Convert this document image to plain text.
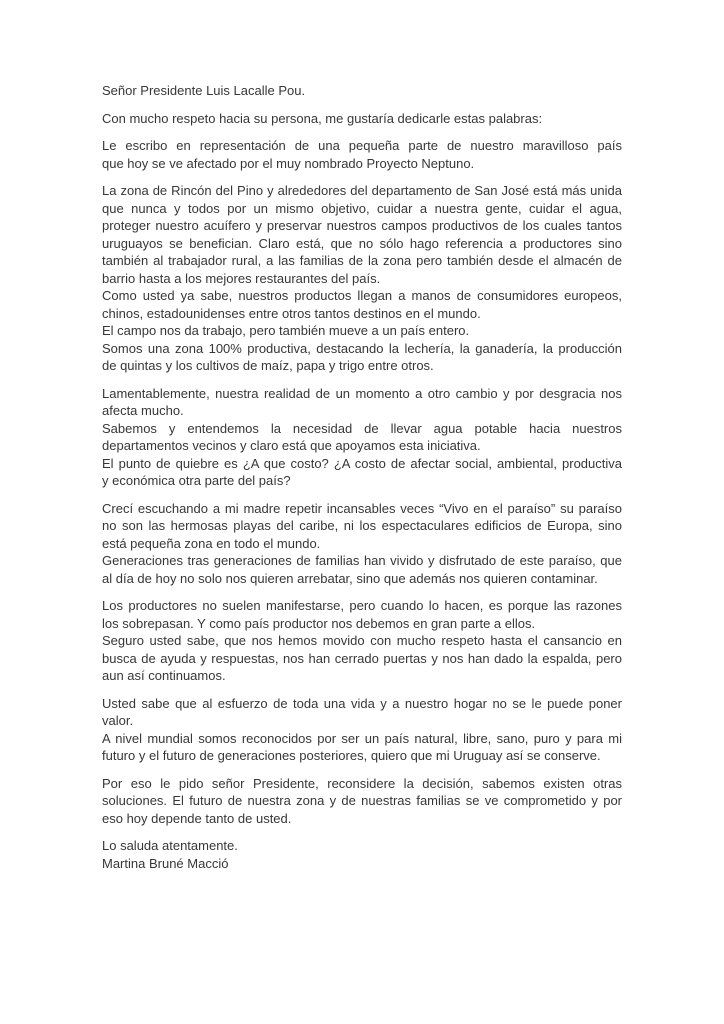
Señor Presidente Luis Lacalle Pou.
Con mucho respeto hacia su persona, me gustaría dedicarle estas palabras:
Le escribo en representación de una pequeña parte de nuestro maravilloso país
que hoy se ve afectado por el muy nombrado Proyecto Neptuno.
La zona de Rincón del Pino y alrededores del departamento de San José está más unida
que nunca y todos por un mismo objetivo, cuidar a nuestra gente, cuidar el agua,
proteger nuestro acuífero y preservar nuestros campos productivos de los cuales tantos
uruguayos se benefician. Claro está, que no sólo hago referencia a productores sino
también al trabajador rural, a las familias de la zona pero también desde el almacén de
barrio hasta a los mejores restaurantes del país.
Como usted ya sabe, nuestros productos llegan a manos de consumidores europeos,
chinos, estadounidenses entre otros tantos destinos en el mundo.
El campo nos da trabajo, pero también mueve a un país entero.
Somos una zona 100% productiva, destacando la lechería, la ganadería, la producción
de quintas y los cultivos de maíz, papa y trigo entre otros.
Lamentablemente, nuestra realidad de un momento a otro cambio y por desgracia nos
afecta mucho.
Sabemos y entendemos la necesidad de llevar agua potable hacia nuestros
departamentos vecinos y claro está que apoyamos esta iniciativa.
El punto de quiebre es ¿A que costo? ¿A costo de afectar social, ambiental, productiva
y económica otra parte del país?
Crecí escuchando a mi madre repetir incansables veces “Vivo en el paraíso” su paraíso
no son las hermosas playas del caribe, ni los espectaculares edificios de Europa, sino
está pequeña zona en todo el mundo.
Generaciones tras generaciones de familias han vivido y disfrutado de este paraíso, que
al día de hoy no solo nos quieren arrebatar, sino que además nos quieren contaminar.
Los productores no suelen manifestarse, pero cuando lo hacen, es porque las razones
los sobrepasan. Y como país productor nos debemos en gran parte a ellos.
Seguro usted sabe, que nos hemos movido con mucho respeto hasta el cansancio en
busca de ayuda y respuestas, nos han cerrado puertas y nos han dado la espalda, pero
aun así continuamos.
Usted sabe que al esfuerzo de toda una vida y a nuestro hogar no se le puede poner
valor.
A nivel mundial somos reconocidos por ser un país natural, libre, sano, puro y para mi
futuro y el futuro de generaciones posteriores, quiero que mi Uruguay así se conserve.
Por eso le pido señor Presidente, reconsidere la decisión, sabemos existen otras
soluciones. El futuro de nuestra zona y de nuestras familias se ve comprometido y por
eso hoy depende tanto de usted.
Lo saluda atentamente.
Martina Bruné Macció
